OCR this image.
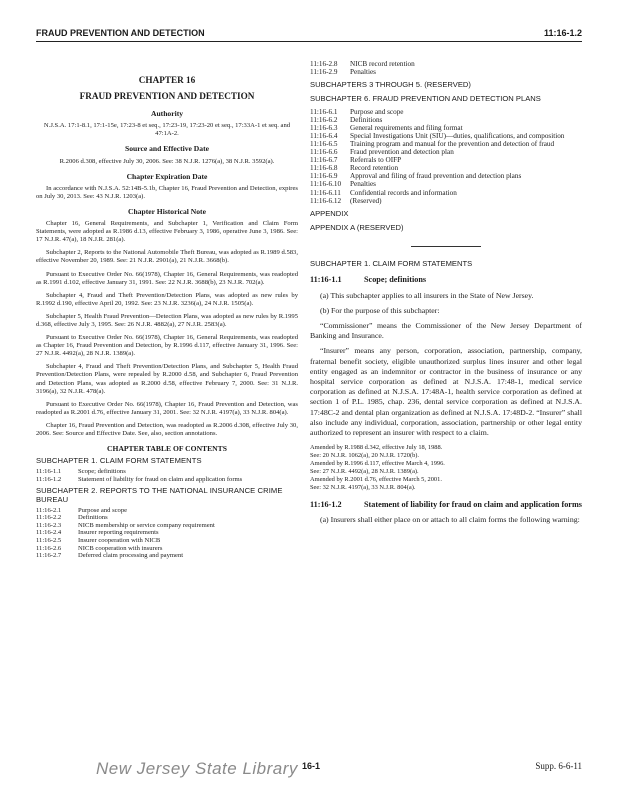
FRAUD PREVENTION AND DETECTION	11:16-1.2
CHAPTER 16
FRAUD PREVENTION AND DETECTION
Authority

N.J.S.A. 17:1-8.1, 17:1-15e, 17:23-8 et seq., 17:23-19, 17:23-20 et seq., 17:33A-1 et seq. and 47:1A-2.

Source and Effective Date

R.2006 d.308, effective July 30, 2006. See: 38 N.J.R. 1276(a), 38 N.J.R. 3592(a).

Chapter Expiration Date

In accordance with N.J.S.A. 52:14B-5.1b, Chapter 16, Fraud Prevention and Detection, expires on July 30, 2013. See: 43 N.J.R. 1203(a).

Chapter Historical Note

Chapter 16, General Requirements, and Subchapter 1, Verification and Claim Form Statements, were adopted as R.1986 d.13, effective February 3, 1986, operative June 3, 1986. See: 17 N.J.R. 47(a), 18 N.J.R. 281(a).

Subchapter 2, Reports to the National Automobile Theft Bureau, was adopted as R.1989 d.583, effective November 20, 1989. See: 21 N.J.R. 2901(a), 21 N.J.R. 3668(b).

Pursuant to Executive Order No. 66(1978), Chapter 16, General Requirements, was readopted as R.1991 d.102, effective January 31, 1991. See: 22 N.J.R. 3688(b), 23 N.J.R. 702(a).

Subchapter 4, Fraud and Theft Prevention/Detection Plans, was adopted as new rules by R.1992 d.190, effective April 20, 1992. See: 23 N.J.R. 3236(a), 24 N.J.R. 1505(a).

Subchapter 5, Health Fraud Prevention—Detection Plans, was adopted as new rules by R.1995 d.368, effective July 3, 1995. See: 26 N.J.R. 4882(a), 27 N.J.R. 2583(a).

Pursuant to Executive Order No. 66(1978), Chapter 16, General Requirements, was readopted as Chapter 16, Fraud Prevention and Detection, by R.1996 d.117, effective January 31, 1996. See: 27 N.J.R. 4492(a), 28 N.J.R. 1389(a).

Subchapter 4, Fraud and Theft Prevention/Detection Plans, and Subchapter 5, Health Fraud Prevention/Detection Plans, were repealed by R.2000 d.58, and Subchapter 6, Fraud Prevention and Detection Plans, was adopted as R.2000 d.58, effective February 7, 2000. See: 31 N.J.R. 3196(a), 32 N.J.R. 478(a).

Pursuant to Executive Order No. 66(1978), Chapter 16, Fraud Prevention and Detection, was readopted as R.2001 d.76, effective January 31, 2001. See: 32 N.J.R. 4197(a), 33 N.J.R. 804(a).

Chapter 16, Fraud Prevention and Detection, was readopted as R.2006 d.308, effective July 30, 2006. See: Source and Effective Date. See, also, section annotations.

CHAPTER TABLE OF CONTENTS
SUBCHAPTER 1. CLAIM FORM STATEMENTS
11:16-1.1	Scope; definitions
11:16-1.2	Statement of liability for fraud on claim and application forms
SUBCHAPTER 2. REPORTS TO THE NATIONAL INSURANCE CRIME BUREAU
11:16-2.1	Purpose and scope
11:16-2.2	Definitions
11:16-2.3	NICB membership or service company requirement
11:16-2.4	Insurer reporting requirements
11:16-2.5	Insurer cooperation with NICB
11:16-2.6	NICB cooperation with insurers
11:16-2.7	Deferred claim processing and payment
11:16-2.8	NICB record retention
11:16-2.9	Penalties
SUBCHAPTERS 3 THROUGH 5. (RESERVED)
SUBCHAPTER 6. FRAUD PREVENTION AND DETECTION PLANS
11:16-6.1	Purpose and scope
11:16-6.2	Definitions
11:16-6.3	General requirements and filing format
11:16-6.4	Special Investigations Unit (SIU)—duties, qualifications, and composition
11:16-6.5	Training program and manual for the prevention and detection of fraud
11:16-6.6	Fraud prevention and detection plan
11:16-6.7	Referrals to OIFP
11:16-6.8	Record retention
11:16-6.9	Approval and filing of fraud prevention and detection plans
11:16-6.10	Penalties
11:16-6.11	Confidential records and information
11:16-6.12	(Reserved)
APPENDIX
APPENDIX A (RESERVED)
SUBCHAPTER 1. CLAIM FORM STATEMENTS
11:16-1.1	Scope; definitions

(a) This subchapter applies to all insurers in the State of New Jersey.

(b) For the purpose of this subchapter:

“Commissioner” means the Commissioner of the New Jersey Department of Banking and Insurance.

“Insurer” means any person, corporation, association, partnership, company, fraternal benefit society, eligible unauthorized surplus lines insurer and other legal entity engaged as an indemnitor or contractor in the business of insurance or any hospital service corporation as defined at N.J.S.A. 17:48-1, medical service corporation as defined at N.J.S.A. 17:48A-1, health service corporation as defined at section 1 of P.L. 1985, chap. 236, dental service corporation as defined at N.J.S.A. 17:48C-2 and dental plan organization as defined at N.J.S.A. 17:48D-2. “Insurer” shall also include any individual, corporation, association, partnership or other legal entity authorized to represent an insurer with respect to a claim.

Amended by R.1988 d.342, effective July 18, 1988.
See: 20 N.J.R. 1062(a), 20 N.J.R. 1720(b).
Amended by R.1996 d.117, effective March 4, 1996.
See: 27 N.J.R. 4492(a), 28 N.J.R. 1389(a).
Amended by R.2001 d.76, effective March 5, 2001.
See: 32 N.J.R. 4197(a), 33 N.J.R. 804(a).
11:16-1.2	Statement of liability for fraud on claim and application forms

(a) Insurers shall either place on or attach to all claim forms the following warning:

New Jersey State Library 16-1	Supp. 6-6-11
